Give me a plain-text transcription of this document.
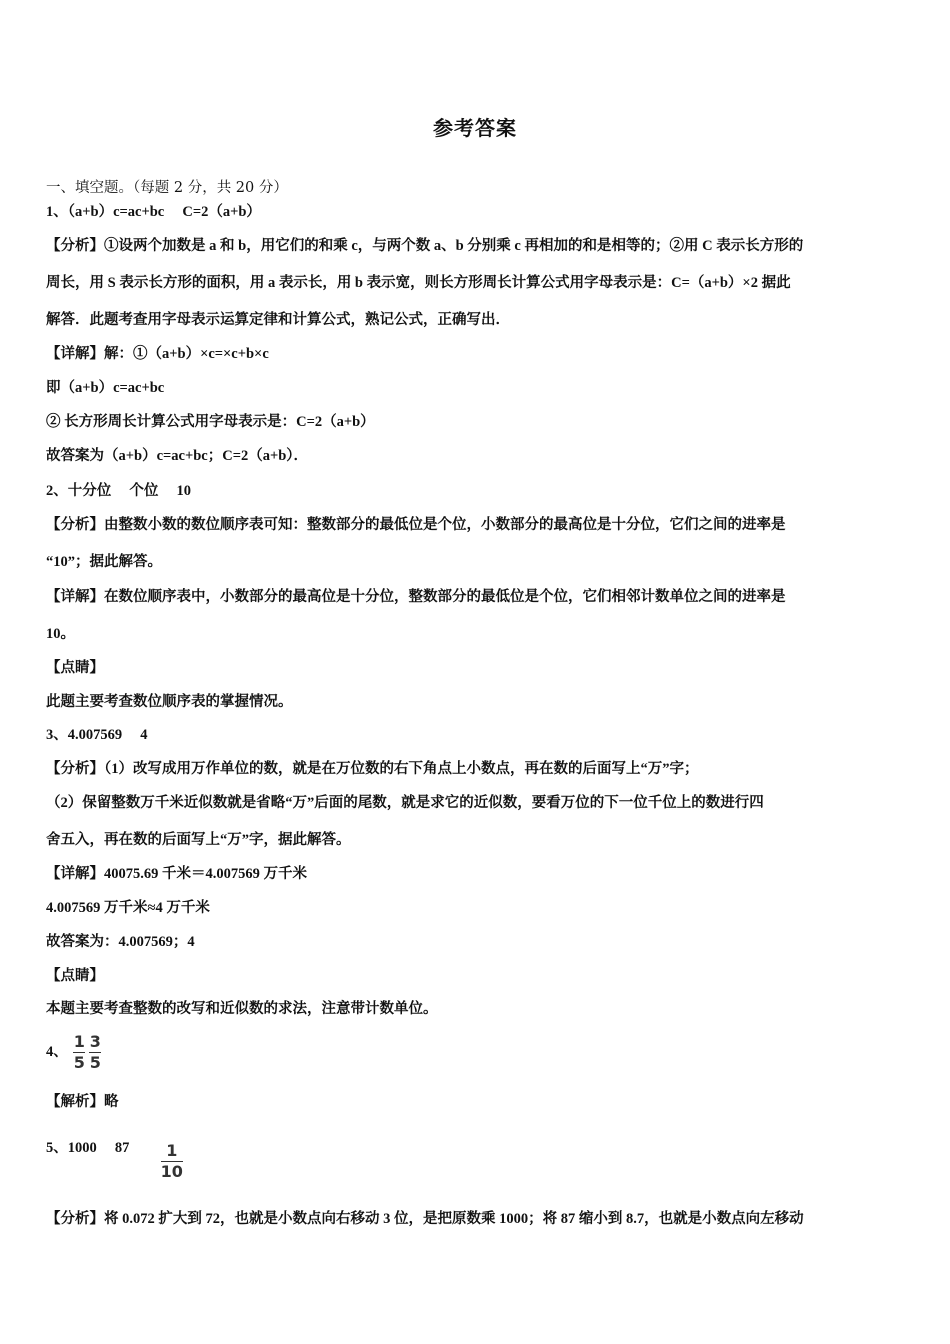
参考答案
一、填空题。（每题 2 分，共 20 分）
1、（a+b）c=ac+bc　 C=2（a+b）
【分析】①设两个加数是 a 和 b，用它们的和乘 c，与两个数 a、b 分别乘 c 再相加的和是相等的；②用 C 表示长方形的
周长，用 S 表示长方形的面积，用 a 表示长，用 b 表示宽，则长方形周长计算公式用字母表示是：C=（a+b）×2 据此
解答．此题考查用字母表示运算定律和计算公式，熟记公式，正确写出．
【详解】解：①（a+b）×c=×c+b×c
即（a+b）c=ac+bc
② 长方形周长计算公式用字母表示是：C=2（a+b）
故答案为（a+b）c=ac+bc；C=2（a+b）．
2、十分位　 个位　 10
【分析】由整数小数的数位顺序表可知：整数部分的最低位是个位，小数部分的最高位是十分位，它们之间的进率是
“10”；据此解答。
【详解】在数位顺序表中，小数部分的最高位是十分位，整数部分的最低位是个位，它们相邻计数单位之间的进率是
10。
【点睛】
此题主要考查数位顺序表的掌握情况。
3、4.007569　 4
【分析】（1）改写成用万作单位的数，就是在万位数的右下角点上小数点，再在数的后面写上“万”字；
（2）保留整数万千米近似数就是省略“万”后面的尾数，就是求它的近似数，要看万位的下一位千位上的数进行四
舍五入，再在数的后面写上“万”字，据此解答。
【详解】40075.69 千米＝4.007569 万千米
4.007569 万千米≈4 万千米
故答案为：4.007569；4
【点睛】
本题主要考查整数的改写和近似数的求法，注意带计数单位。
4、 $\frac{1}{5} \frac{3}{5}$
【解析】略
5、1000　 $87 \frac{1}{10}$
【分析】将 0.072 扩大到 72，也就是小数点向右移动 3 位，是把原数乘 1000；将 87 缩小到 8.7，也就是小数点向左移动
